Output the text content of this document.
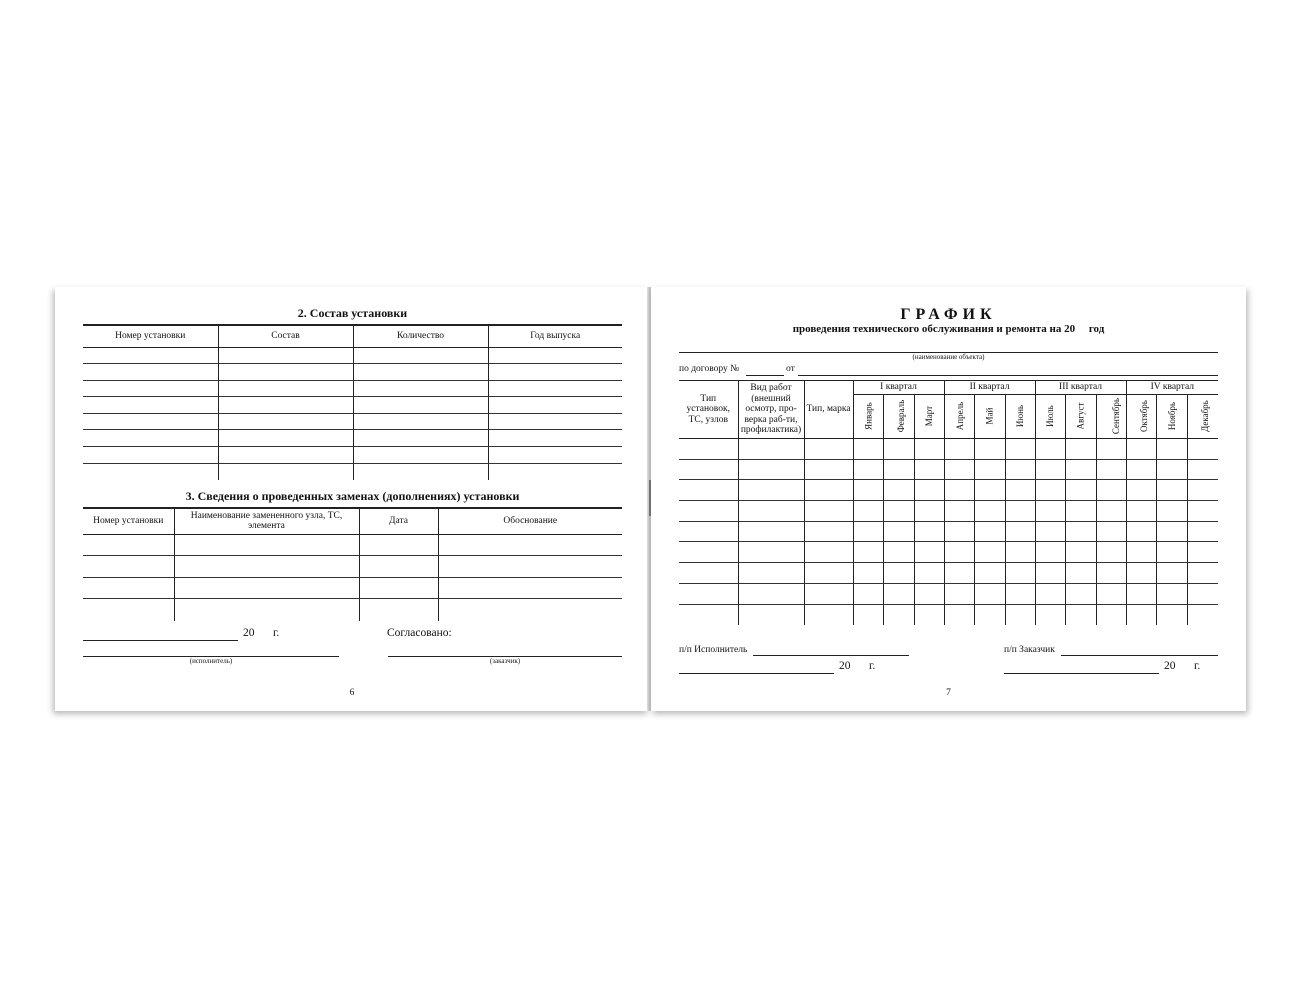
2. Состав установки
Номер установки	Состав	Количество	Год выпуска

3. Сведения о проведенных заменах (дополнениях) установки
Номер установки	Наименование замененного узла, ТС, элемента	Дата	Обоснование

20 г.	Согласовано:
(исполнитель)	(заказчик)
6
ГРАФИК
проведения технического обслуживания и ремонта на 20     год
(наименование объекта)
по договору №	от
Тип установок, ТС, узлов	Вид работ (внешний осмотр, про-верка раб-ти, профилактика)	Тип, марка	I квартал			II квартал			III квартал			IV квартал		
			Январь	Февраль	Март	Апрель	Май	Июнь	Июль	Август	Сентябрь	Октябрь	Ноябрь	Декабрь

п/п Исполнитель	п/п Заказчик
20 г.	20 г.
7
